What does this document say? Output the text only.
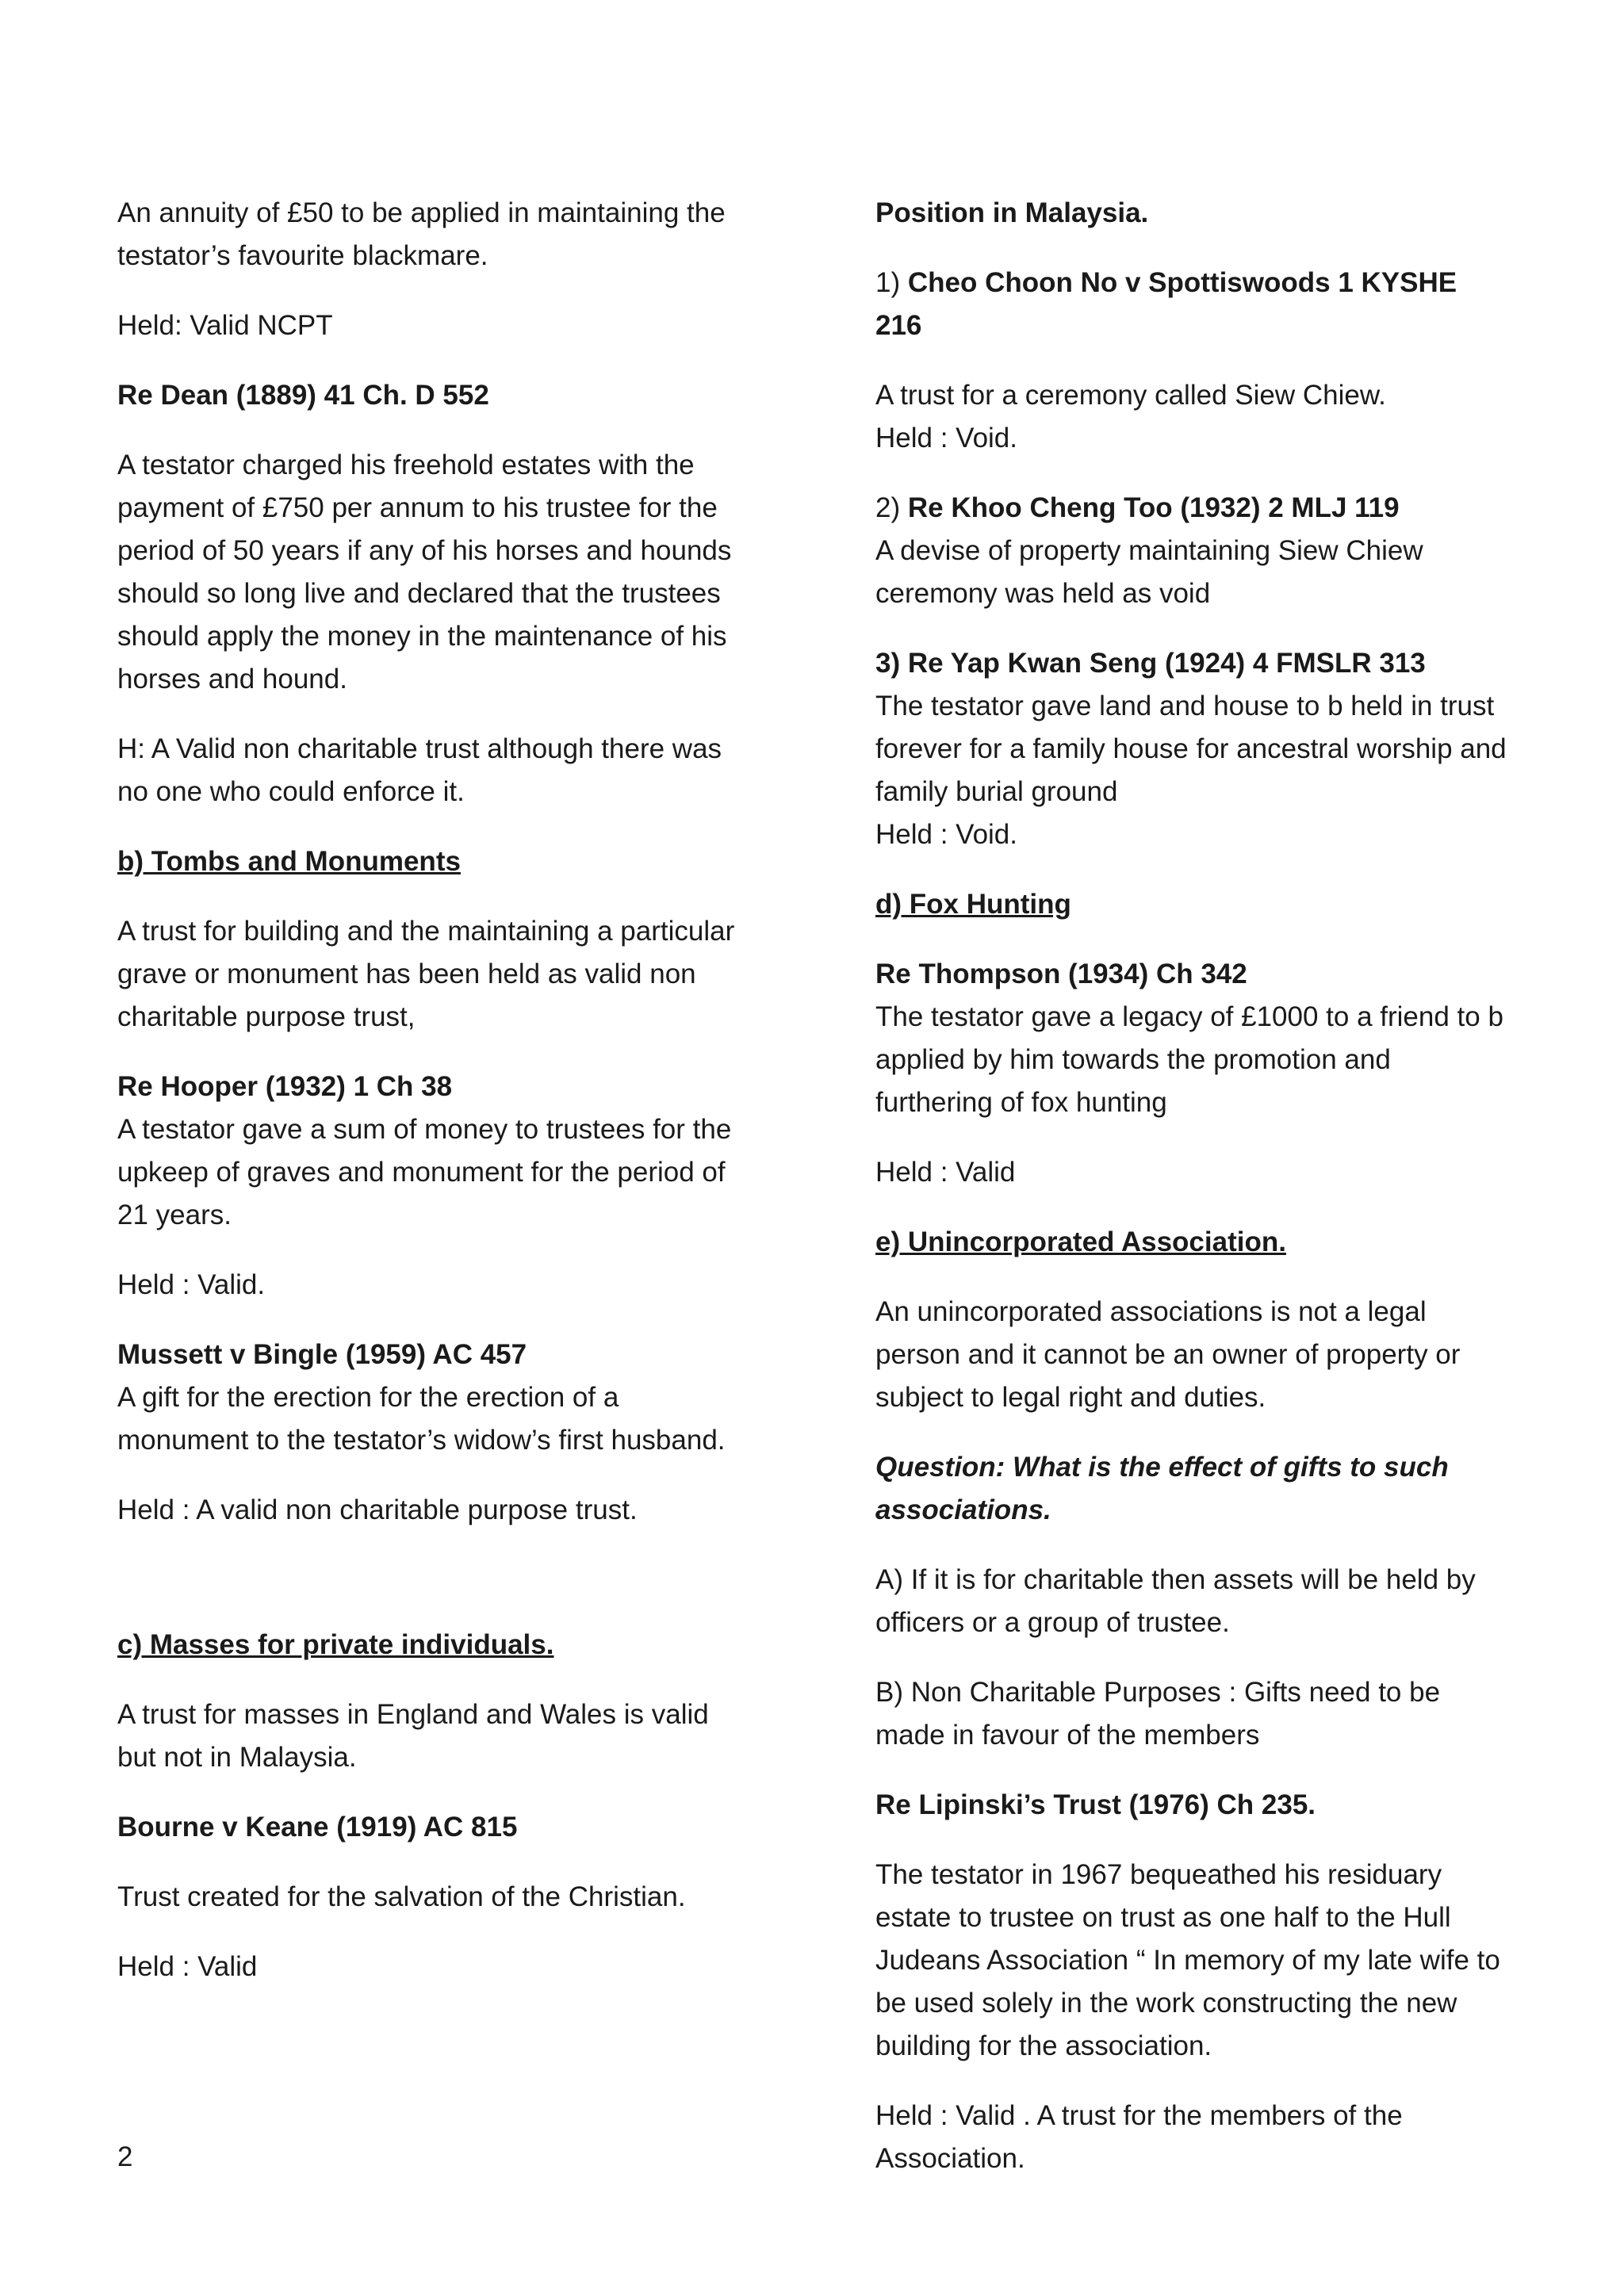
An annuity of £50 to be applied in maintaining the testator’s favourite blackmare.

Held: Valid NCPT

Re Dean (1889) 41 Ch. D 552

A testator charged his freehold estates with the payment of £750 per annum to his trustee for the period of 50 years if any of his horses and hounds should so long live and declared that the trustees should apply the money in the maintenance of his horses and hound.

H: A Valid non charitable trust although there was no one who could enforce it.

b) Tombs and Monuments

A trust for building and the maintaining a particular grave or monument has been held as valid non charitable purpose trust,

Re Hooper (1932) 1 Ch 38
A testator gave a sum of money to trustees for the upkeep of graves and monument for the period of 21 years.

Held : Valid.

Mussett v Bingle (1959) AC 457
A gift for the erection for the erection of a monument to the testator’s widow’s first husband.

Held : A valid non charitable purpose trust.

c) Masses for private individuals.

A trust for masses in England and Wales is valid but not in Malaysia.

Bourne v Keane (1919) AC 815

Trust created for the salvation of the Christian.

Held : Valid

Position in Malaysia.

1) Cheo Choon No v Spottiswoods 1 KYSHE 216

A trust for a ceremony called Siew Chiew.
Held : Void.

2) Re Khoo Cheng Too (1932) 2 MLJ 119
A devise of property maintaining Siew Chiew ceremony was held as void

3) Re Yap Kwan Seng (1924) 4 FMSLR 313
The testator gave land and house to b held in trust forever for a family house for ancestral worship and family burial ground
Held : Void.

d) Fox Hunting

Re Thompson (1934) Ch 342
The testator gave a legacy of £1000 to a friend to b applied by him towards the promotion and furthering of fox hunting

Held : Valid

e) Unincorporated Association.

An unincorporated associations is not a legal person and it cannot be an owner of property or subject to legal right and duties.

Question: What is the effect of gifts to such associations.

A) If it is for charitable then assets will be held by officers or a group of trustee.

B) Non Charitable Purposes : Gifts need to be made in favour of the members

Re Lipinski’s Trust (1976) Ch 235.

The testator in 1967 bequeathed his residuary estate to trustee on trust as one half to the Hull Judeans Association “ In memory of my late wife to be used solely in the work constructing the new building for the association.

Held : Valid . A trust for the members of the Association.

2
